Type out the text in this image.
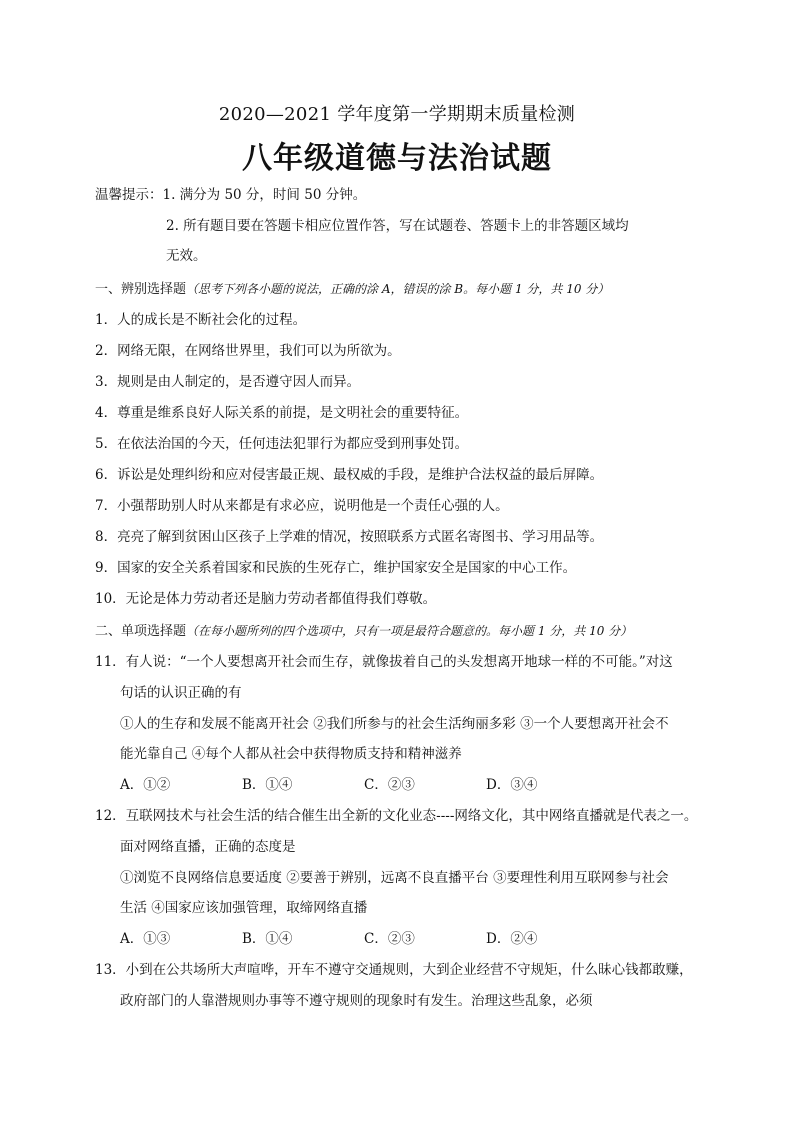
2020—2021 学年度第一学期期末质量检测
八年级道德与法治试题
温馨提示：1. 满分为 50 分，时间 50 分钟。
2. 所有题目要在答题卡相应位置作答，写在试题卷、答题卡上的非答题区域均
无效。
一、辨别选择题（思考下列各小题的说法，正确的涂 A，错误的涂 B。每小题 1 分，共 10 分）
1．人的成长是不断社会化的过程。
2．网络无限，在网络世界里，我们可以为所欲为。
3．规则是由人制定的，是否遵守因人而异。
4．尊重是维系良好人际关系的前提，是文明社会的重要特征。
5．在依法治国的今天，任何违法犯罪行为都应受到刑事处罚。
6．诉讼是处理纠纷和应对侵害最正规、最权威的手段，是维护合法权益的最后屏障。
7．小强帮助别人时从来都是有求必应，说明他是一个责任心强的人。
8．亮亮了解到贫困山区孩子上学难的情况，按照联系方式匿名寄图书、学习用品等。
9．国家的安全关系着国家和民族的生死存亡，维护国家安全是国家的中心工作。
10．无论是体力劳动者还是脑力劳动者都值得我们尊敬。
二、单项选择题（在每小题所列的四个选项中，只有一项是最符合题意的。每小题 1 分，共 10 分）
11．有人说：“一个人要想离开社会而生存，就像拔着自己的头发想离开地球一样的不可能。”对这
句话的认识正确的有
①人的生存和发展不能离开社会 ②我们所参与的社会生活绚丽多彩 ③一个人要想离开社会不
能光靠自己 ④每个人都从社会中获得物质支持和精神滋养
A．①②	B．①④	C．②③	D．③④
12．互联网技术与社会生活的结合催生出全新的文化业态----网络文化，其中网络直播就是代表之一。
面对网络直播，正确的态度是
①浏览不良网络信息要适度 ②要善于辨别，远离不良直播平台 ③要理性利用互联网参与社会
生活 ④国家应该加强管理，取缔网络直播
A．①③	B．①④	C．②③	D．②④
13．小到在公共场所大声喧哗，开车不遵守交通规则，大到企业经营不守规矩，什么昧心钱都敢赚，
政府部门的人靠潜规则办事等不遵守规则的现象时有发生。治理这些乱象，必须
